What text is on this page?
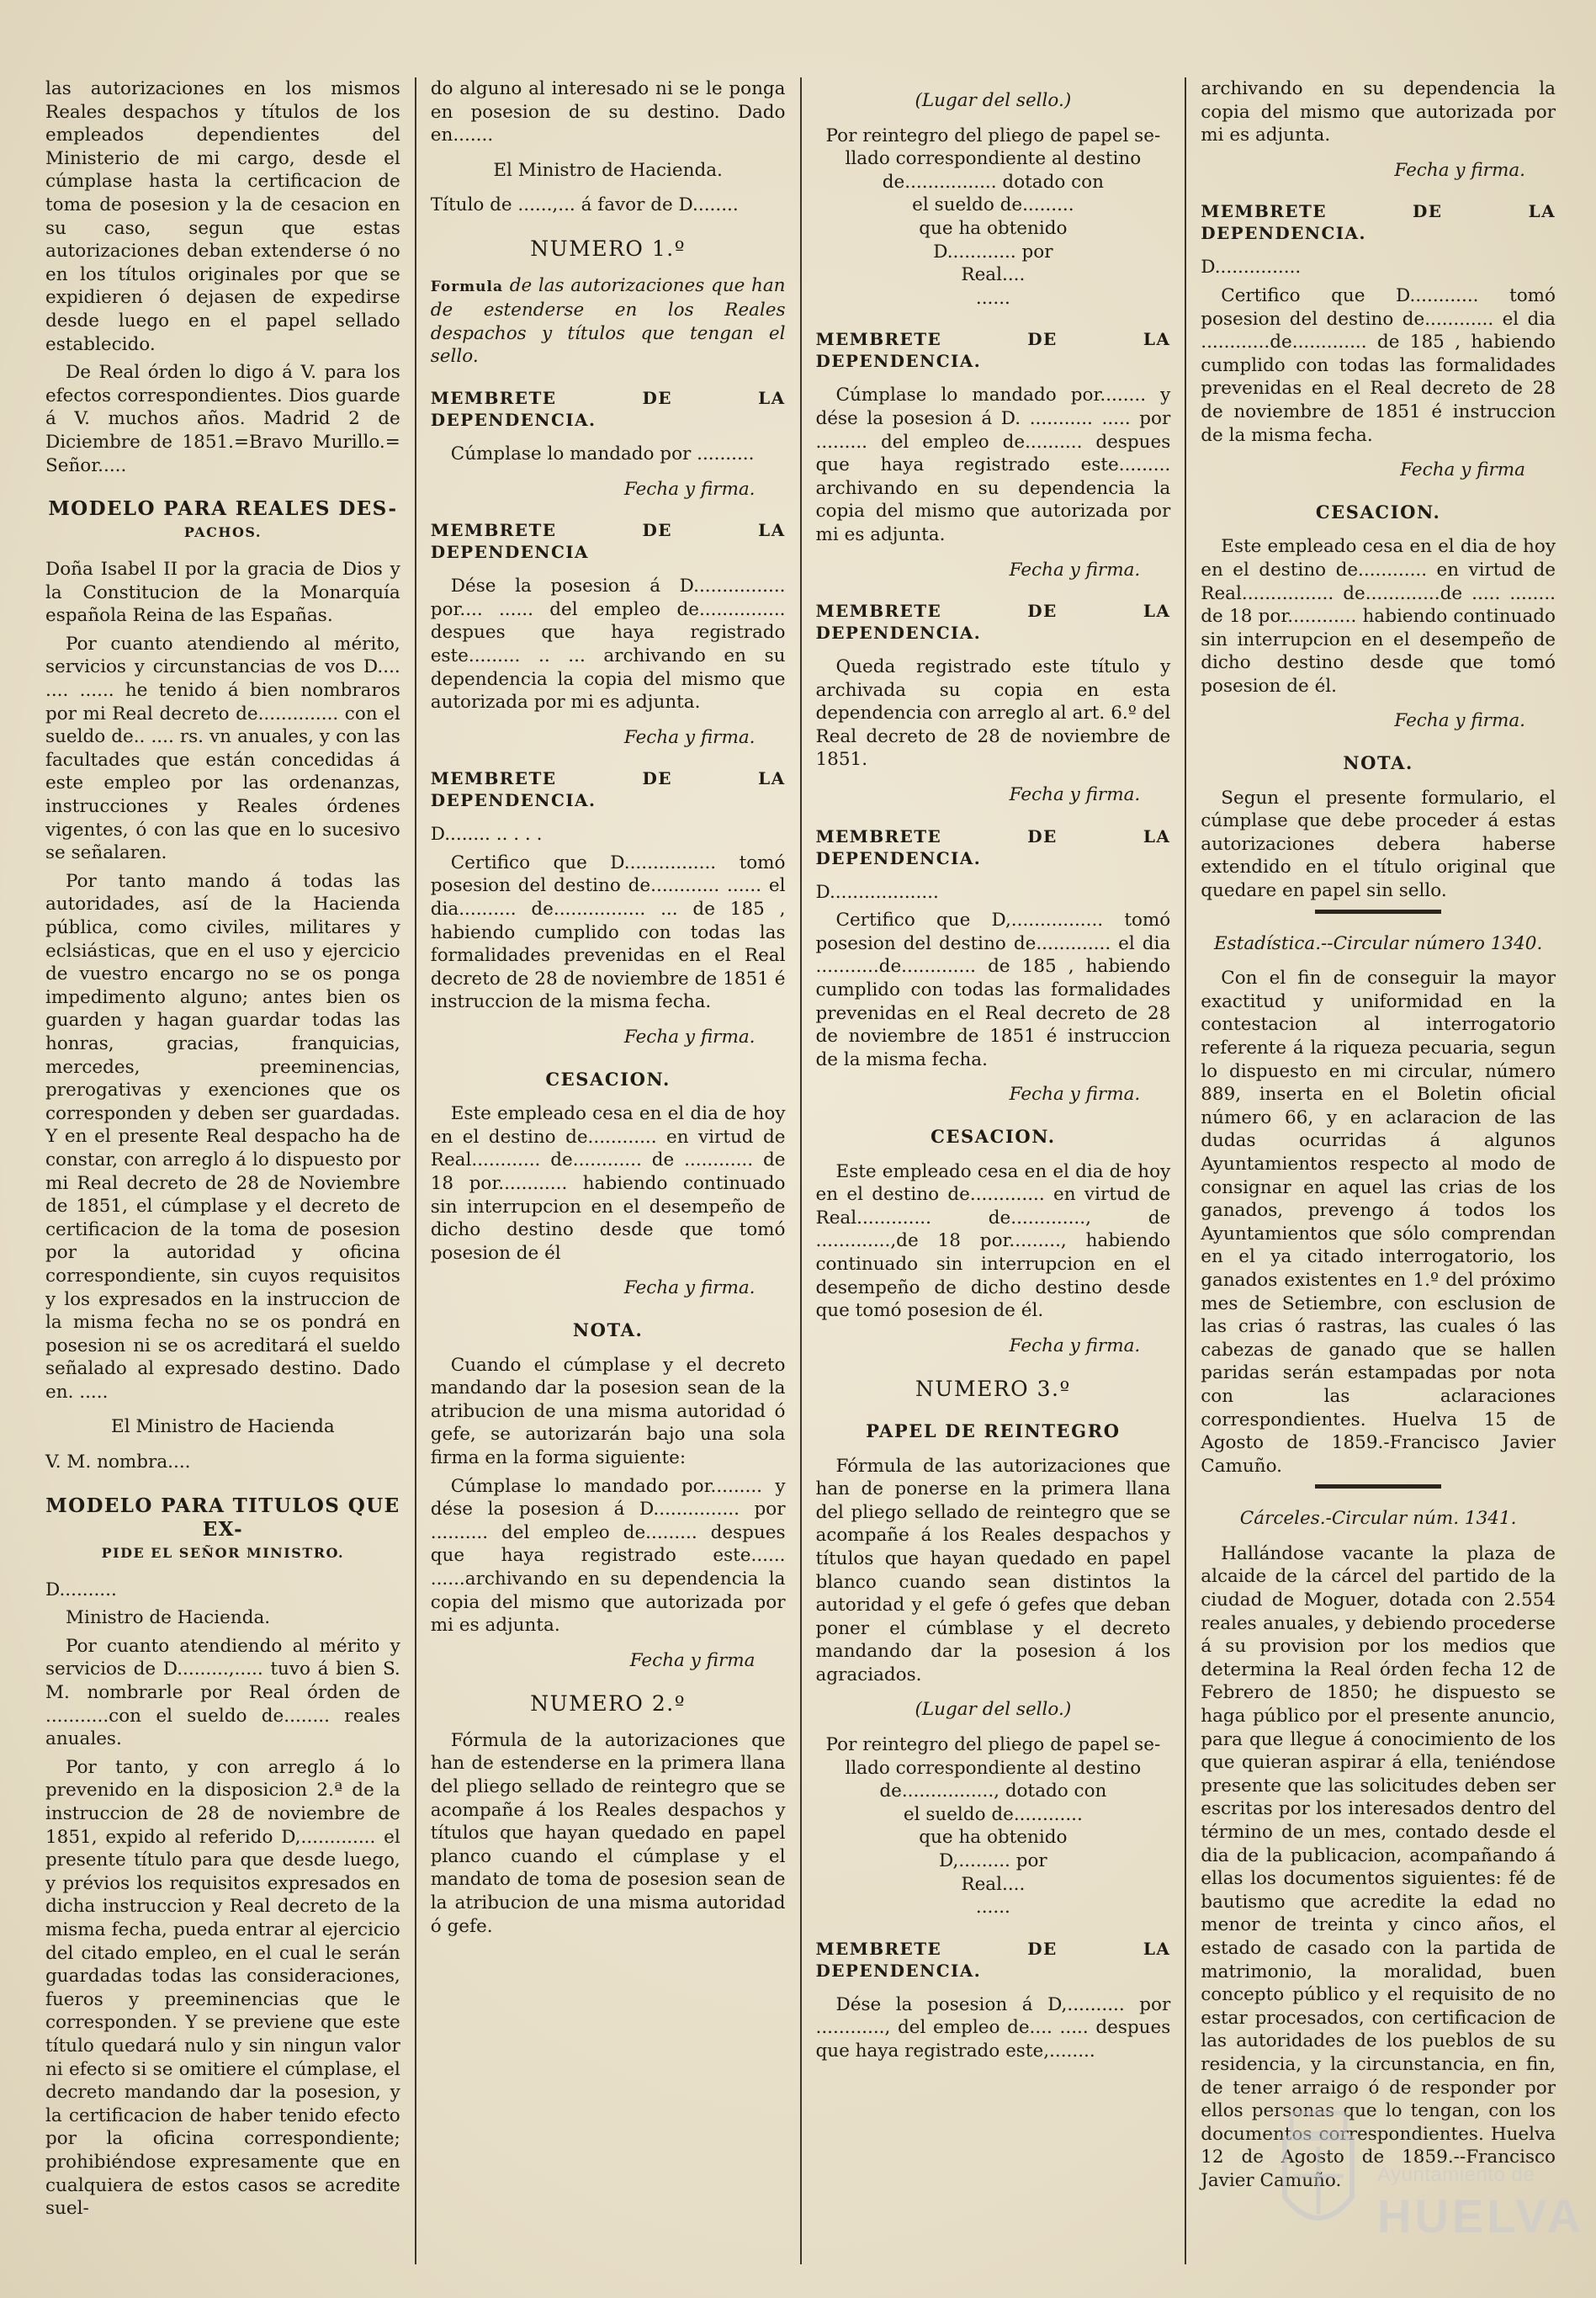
las autorizaciones en los mismos Reales despachos y títulos de los empleados dependientes del Ministerio de mi cargo, desde el cúmplase hasta la certificacion de toma de posesion y la de cesacion en su caso, segun que estas autorizaciones deban extenderse ó no en los títulos originales por que se expidieren ó dejasen de expedirse desde luego en el papel sellado establecido.

De Real órden lo digo á V. para los efectos correspondientes. Dios guarde á V. muchos años. Madrid 2 de Diciembre de 1851.=Bravo Murillo.= Señor.....

MODELO PARA REALES DES-
PACHOS.

Doña Isabel II por la gracia de Dios y la Constitucion de la Monarquía española Reina de las Españas.

Por cuanto atendiendo al mérito, servicios y circunstancias de vos D.... .... ...... he tenido á bien nombraros por mi Real decreto de.............. con el sueldo de.. .... rs. vn anuales, y con las facultades que están concedidas á este empleo por las ordenanzas, instrucciones y Reales órdenes vigentes, ó con las que en lo sucesivo se señalaren.

Por tanto mando á todas las autoridades, así de la Hacienda pública, como civiles, militares y eclsiásticas, que en el uso y ejercicio de vuestro encargo no se os ponga impedimento alguno; antes bien os guarden y hagan guardar todas las honras, gracias, franquicias, mercedes, preeminencias, prerogativas y exenciones que os corresponden y deben ser guardadas. Y en el presente Real despacho ha de constar, con arreglo á lo dispuesto por mi Real decreto de 28 de Noviembre de 1851, el cúmplase y el decreto de certificacion de la toma de posesion por la autoridad y oficina correspondiente, sin cuyos requisitos y los expresados en la instruccion de la misma fecha no se os pondrá en posesion ni se os acreditará el sueldo señalado al expresado destino. Dado en. .....

El Ministro de Hacienda

V. M. nombra....

MODELO PARA TITULOS QUE EX-
PIDE EL SEÑOR MINISTRO.

D..........

Ministro de Hacienda.

Por cuanto atendiendo al mérito y servicios de D.........,..... tuvo á bien S. M. nombrarle por Real órden de ...........con el sueldo de........ reales anuales.

Por tanto, y con arreglo á lo prevenido en la disposicion 2.ª de la instruccion de 28 de noviembre de 1851, expido al referido D,............. el presente título para que desde luego, y prévios los requisitos expresados en dicha instruccion y Real decreto de la misma fecha, pueda entrar al ejercicio del citado empleo, en el cual le serán guardadas todas las consideraciones, fueros y preeminencias que le corresponden. Y se previene que este título quedará nulo y sin ningun valor ni efecto si se omitiere el cúmplase, el decreto mandando dar la posesion, y la certificacion de haber tenido efecto por la oficina correspondiente; prohibiéndose expresamente que en cualquiera de estos casos se acredite suel-

do alguno al interesado ni se le ponga en posesion de su destino. Dado en.......

El Ministro de Hacienda.

Título de ......,... á favor de D........

NUMERO 1.º

Formula de las autorizaciones que han de estenderse en los Reales despachos y títulos que tengan el sello.

MEMBRETE DE LA DEPENDENCIA.

Cúmplase lo mandado por ..........

Fecha y firma.
MEMBRETE DE LA DEPENDENCIA

Dése la posesion á D................ por.... ...... del empleo de............... despues que haya registrado este......... .. ... archivando en su dependencia la copia del mismo que autorizada por mi es adjunta.

Fecha y firma.
MEMBRETE DE LA DEPENDENCIA.

D........ .. . . .

Certifico que D................ tomó posesion del destino de............ ...... el dia.......... de................ ... de 185 , habiendo cumplido con todas las formalidades prevenidas en el Real decreto de 28 de noviembre de 1851 é instruccion de la misma fecha.

Fecha y firma.
CESACION.

Este empleado cesa en el dia de hoy en el destino de............ en virtud de Real............ de............ de ............ de 18 por............ habiendo continuado sin interrupcion en el desempeño de dicho destino desde que tomó posesion de él

Fecha y firma.
NOTA.

Cuando el cúmplase y el decreto mandando dar la posesion sean de la atribucion de una misma autoridad ó gefe, se autorizarán bajo una sola firma en la forma siguiente:

Cúmplase lo mandado por......... y dése la posesion á D............... por .......... del empleo de......... despues que haya registrado este...... ......archivando en su dependencia la copia del mismo que autorizada por mi es adjunta.

Fecha y firma
NUMERO 2.º

Fórmula de la autorizaciones que han de estenderse en la primera llana del pliego sellado de reintegro que se acompañe á los Reales despachos y títulos que hayan quedado en papel planco cuando el cúmplase y el mandato de toma de posesion sean de la atribucion de una misma autoridad ó gefe.

(Lugar del sello.)
Por reintegro del pliego de papel se-
llado correspondiente al destino
de................ dotado con
el sueldo de.........
que ha obtenido
D............ por
Real....
......
MEMBRETE DE LA DEPENDENCIA.

Cúmplase lo mandado por........ y dése la posesion á D. ........... ..... por ......... del empleo de.......... despues que haya registrado este......... archivando en su dependencia la copia del mismo que autorizada por mi es adjunta.

Fecha y firma.
MEMBRETE DE LA DEPENDENCIA.

Queda registrado este título y archivada su copia en esta dependencia con arreglo al art. 6.º del Real decreto de 28 de noviembre de 1851.

Fecha y firma.
MEMBRETE DE LA DEPENDENCIA.

D...................

Certifico que D,................ tomó posesion del destino de............. el dia ...........de............. de 185 , habiendo cumplido con todas las formalidades prevenidas en el Real decreto de 28 de noviembre de 1851 é instruccion de la misma fecha.

Fecha y firma.
CESACION.

Este empleado cesa en el dia de hoy en el destino de............. en virtud de Real............. de............., de .............,de 18 por........., habiendo continuado sin interrupcion en el desempeño de dicho destino desde que tomó posesion de él.

Fecha y firma.
NUMERO 3.º
PAPEL DE REINTEGRO

Fórmula de las autorizaciones que han de ponerse en la primera llana del pliego sellado de reintegro que se acompañe á los Reales despachos y títulos que hayan quedado en papel blanco cuando sean distintos la autoridad y el gefe ó gefes que deban poner el cúmblase y el decreto mandando dar la posesion á los agraciados.

(Lugar del sello.)
Por reintegro del pliego de papel se-
llado correspondiente al destino
de................, dotado con
el sueldo de............
que ha obtenido
D,......... por
Real....
......
MEMBRETE DE LA DEPENDENCIA.

Dése la posesion á D,.......... por ............, del empleo de.... ..... despues que haya registrado este,........

archivando en su dependencia la copia del mismo que autorizada por mi es adjunta.

Fecha y firma.
MEMBRETE DE LA DEPENDENCIA.

D...............

Certifico que D............ tomó posesion del destino de............ el dia ............de............. de 185 , habiendo cumplido con todas las formalidades prevenidas en el Real decreto de 28 de noviembre de 1851 é instruccion de la misma fecha.

Fecha y firma
CESACION.

Este empleado cesa en el dia de hoy en el destino de............ en virtud de Real................ de.............de ..... ........ de 18 por............ habiendo continuado sin interrupcion en el desempeño de dicho destino desde que tomó posesion de él.

Fecha y firma.
NOTA.

Segun el presente formulario, el cúmplase que debe proceder á estas autorizaciones debera haberse extendido en el título original que quedare en papel sin sello.

Estadística.--Circular número 1340.

Con el fin de conseguir la mayor exactitud y uniformidad en la contestacion al interrogatorio referente á la riqueza pecuaria, segun lo dispuesto en mi circular, número 889, inserta en el Boletin oficial número 66, y en aclaracion de las dudas ocurridas á algunos Ayuntamientos respecto al modo de consignar en aquel las crias de los ganados, prevengo á todos los Ayuntamientos que sólo comprendan en el ya citado interrogatorio, los ganados existentes en 1.º del próximo mes de Setiembre, con esclusion de las crias ó rastras, las cuales ó las cabezas de ganado que se hallen paridas serán estampadas por nota con las aclaraciones correspondientes. Huelva 15 de Agosto de 1859.-Francisco Javier Camuño.

Cárceles.-Circular núm. 1341.

Hallándose vacante la plaza de alcaide de la cárcel del partido de la ciudad de Moguer, dotada con 2.554 reales anuales, y debiendo procederse á su provision por los medios que determina la Real órden fecha 12 de Febrero de 1850; he dispuesto se haga público por el presente anuncio, para que llegue á conocimiento de los que quieran aspirar á ella, teniéndose presente que las solicitudes deben ser escritas por los interesados dentro del término de un mes, contado desde el dia de la publicacion, acompañando á ellas los documentos siguientes: fé de bautismo que acredite la edad no menor de treinta y cinco años, el estado de casado con la partida de matrimonio, la moralidad, buen concepto público y el requisito de no estar procesados, con certificacion de las autoridades de los pueblos de su residencia, y la circunstancia, en fin, de tener arraigo ó de responder por ellos personas que lo tengan, con los documentos correspondientes. Huelva 12 de Agosto de 1859.--Francisco Javier Camuño.	Ayuntamiento de
HUELVA
